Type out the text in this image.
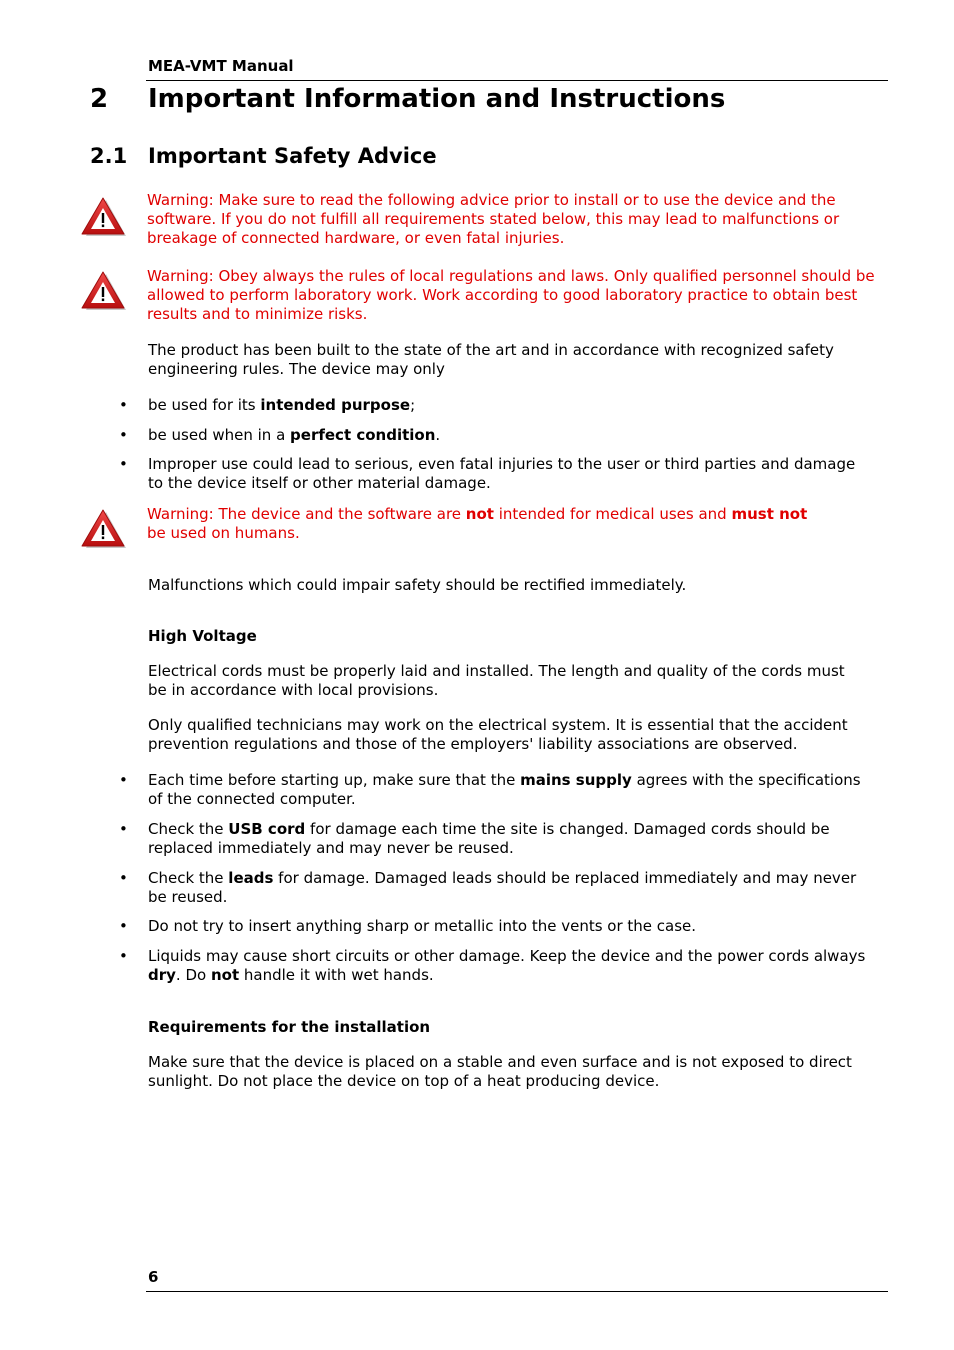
MEA-VMT Manual
2 Important Information and Instructions
2.1 Important Safety Advice
Warning: Make sure to read the following advice prior to install or to use the device and the software. If you do not fulfill all requirements stated below, this may lead to malfunctions or breakage of connected hardware, or even fatal injuries.
Warning: Obey always the rules of local regulations and laws. Only qualified personnel should be allowed to perform laboratory work. Work according to good laboratory practice to obtain best results and to minimize risks.
The product has been built to the state of the art and in accordance with recognized safety engineering rules. The device may only
• be used for its intended purpose;
• be used when in a perfect condition.
• Improper use could lead to serious, even fatal injuries to the user or third parties and damage to the device itself or other material damage.
Warning: The device and the software are not intended for medical uses and must not be used on humans.
Malfunctions which could impair safety should be rectified immediately.
High Voltage
Electrical cords must be properly laid and installed. The length and quality of the cords must be in accordance with local provisions.
Only qualified technicians may work on the electrical system. It is essential that the accident prevention regulations and those of the employers' liability associations are observed.
• Each time before starting up, make sure that the mains supply agrees with the specifications of the connected computer.
• Check the USB cord for damage each time the site is changed. Damaged cords should be replaced immediately and may never be reused.
• Check the leads for damage. Damaged leads should be replaced immediately and may never be reused.
• Do not try to insert anything sharp or metallic into the vents or the case.
• Liquids may cause short circuits or other damage. Keep the device and the power cords always dry. Do not handle it with wet hands.
Requirements for the installation
Make sure that the device is placed on a stable and even surface and is not exposed to direct sunlight. Do not place the device on top of a heat producing device.
6
